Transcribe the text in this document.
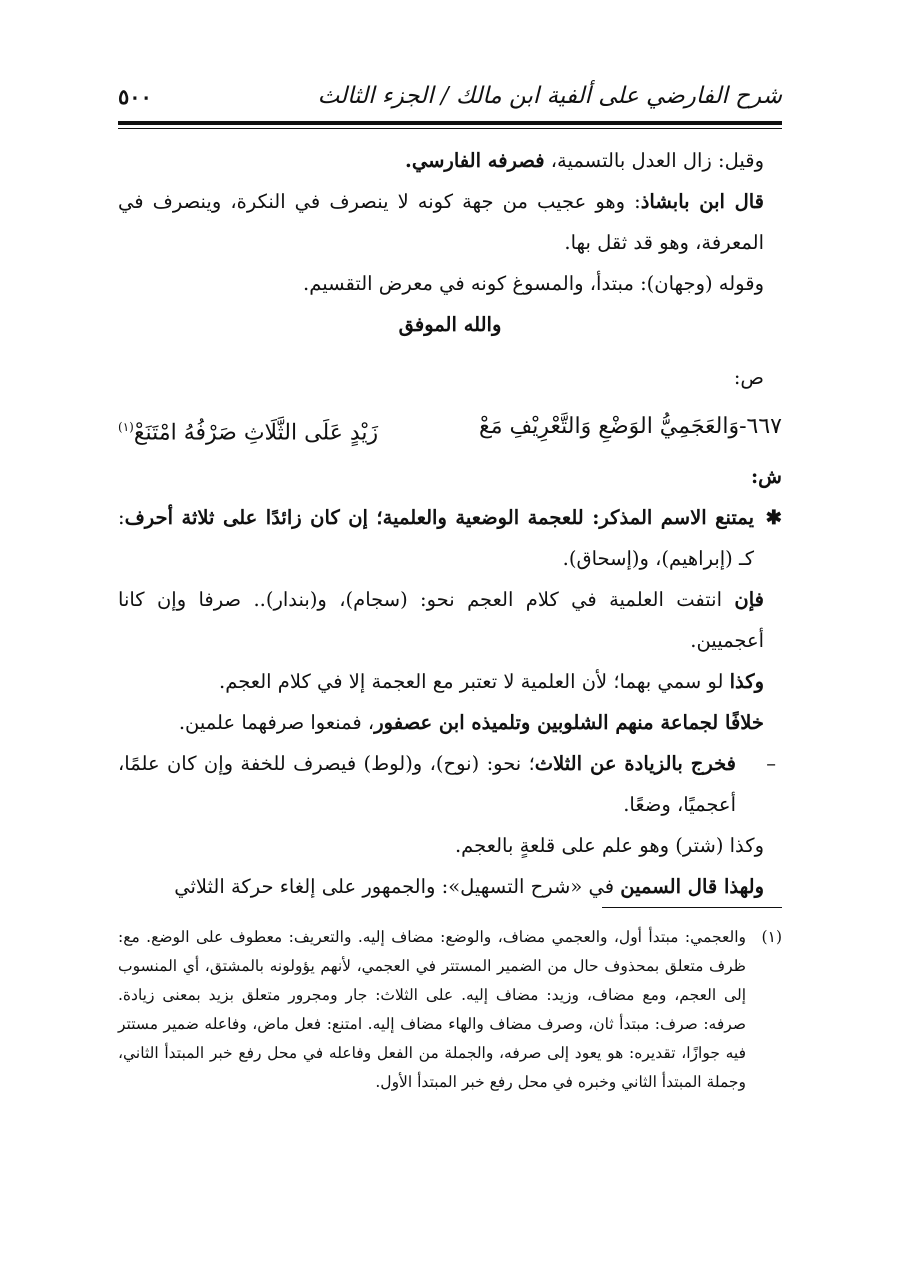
شرح الفارضي على ألفية ابن مالك / الجزء الثالث
٥٠٠

وقيل: زال العدل بالتسمية، فصرفه الفارسي.

قال ابن بابشاذ: وهو عجيب من جهة كونه لا ينصرف في النكرة، وينصرف في المعرفة، وهو قد ثقل بها.

وقوله (وجهان): مبتدأ، والمسوغ كونه في معرض التقسيم.

والله الموفق

ص:

٦٦٧-وَالعَجَمِيُّ الوَضْعِ وَالتَّعْرِيْفِ مَعْ
زَيْدٍ عَلَى الثَّلَاثِ صَرْفُهُ امْتَنَعْ$^{(١)}$

ش:

✱
يمتنع الاسم المذكر: للعجمة الوضعية والعلمية؛ إن كان زائدًا على ثلاثة أحرف: كـ (إبراهيم)، و(إسحاق).

فإن انتفت العلمية في كلام العجم نحو: (سجام)، و(بندار).. صرفا وإن كانا أعجميين.

وكذا لو سمي بهما؛ لأن العلمية لا تعتبر مع العجمة إلا في كلام العجم.

خلافًا لجماعة منهم الشلوبين وتلميذه ابن عصفور، فمنعوا صرفهما علمين.

–
فخرج بالزيادة عن الثلاث؛ نحو: (نوح)، و(لوط) فيصرف للخفة وإن كان علمًا، أعجميًا، وضعًا.

وكذا (شتر) وهو علم على قلعةٍ بالعجم.

ولهذا قال السمين في «شرح التسهيل»: والجمهور على إلغاء حركة الثلاثي

(١)
والعجمي: مبتدأ أول، والعجمي مضاف، والوضع: مضاف إليه. والتعريف: معطوف على الوضع. مع: ظرف متعلق بمحذوف حال من الضمير المستتر في العجمي، لأنهم يؤولونه بالمشتق، أي المنسوب إلى العجم، ومع مضاف، وزيد: مضاف إليه. على الثلاث: جار ومجرور متعلق بزيد بمعنى زيادة. صرفه: صرف: مبتدأ ثان، وصرف مضاف والهاء مضاف إليه. امتنع: فعل ماض، وفاعله ضمير مستتر فيه جوازًا، تقديره: هو يعود إلى صرفه، والجملة من الفعل وفاعله في محل رفع خبر المبتدأ الثاني، وجملة المبتدأ الثاني وخبره في محل رفع خبر المبتدأ الأول.
